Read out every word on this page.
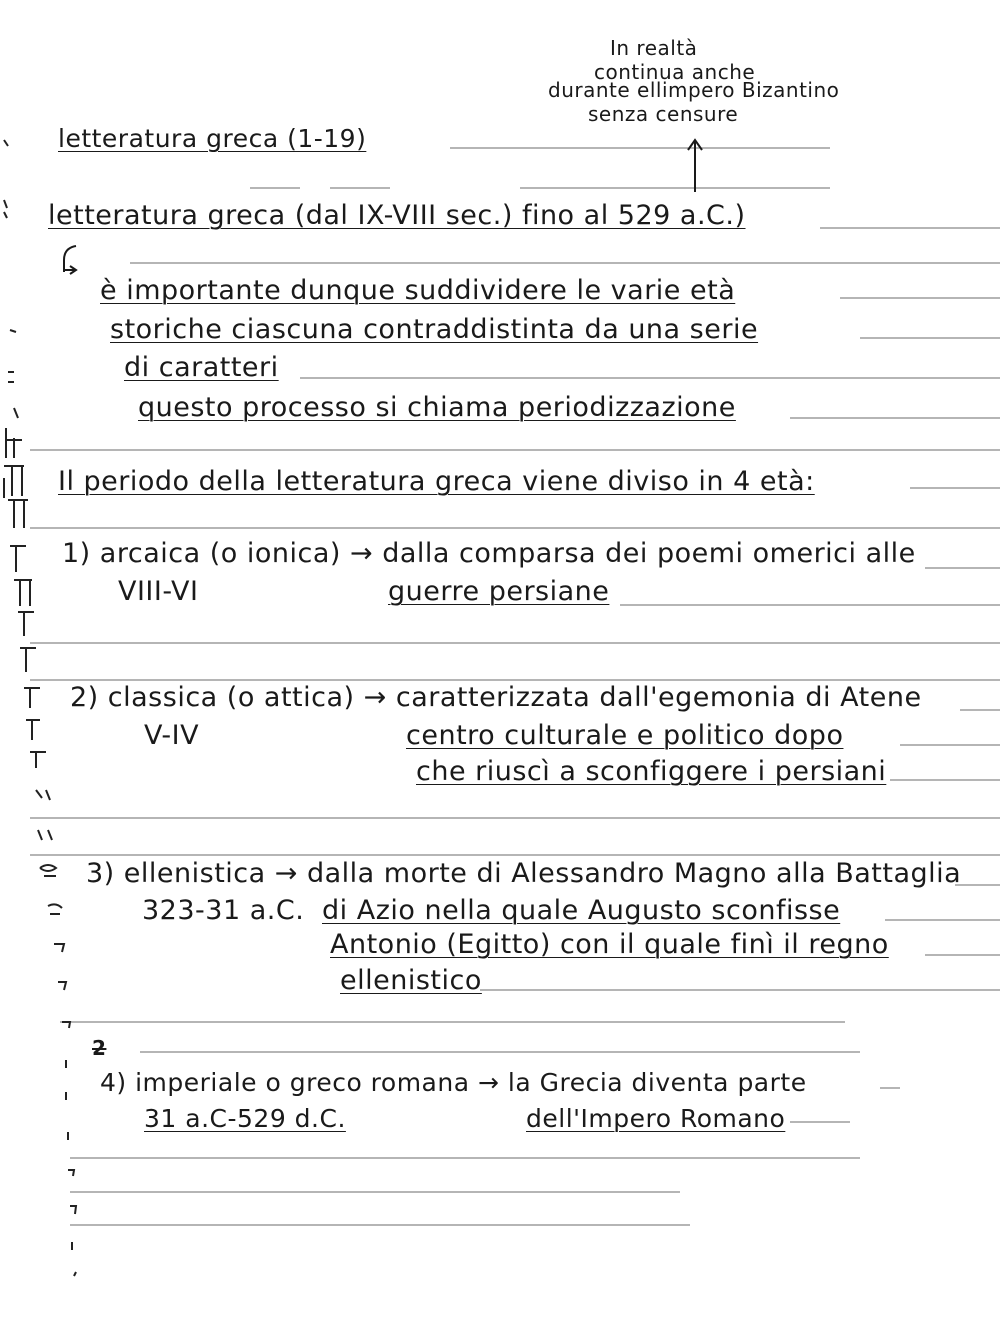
In realtà
continua anche
durante ellimpero Bizantino
senza censure
letteratura greca (1-19)
letteratura greca (dal IX-VIII sec.) fino al 529 a.C.)
è importante dunque suddividere le varie età
storiche ciascuna contraddistinta da una serie
di caratteri
questo processo si chiama periodizzazione
Il periodo della letteratura greca viene diviso in 4 età:
1) arcaica (o ionica) → dalla comparsa dei poemi omerici alle
VIII-VI	guerre persiane
2) classica (o attica) → caratterizzata dall'egemonia di Atene
V-IV	centro culturale e politico dopo
che riuscì a sconfiggere i persiani
3) ellenistica → dalla morte di Alessandro Magno alla Battaglia
323-31 a.C. di Azio nella quale Augusto sconfisse
Antonio (Egitto) con il quale finì il regno
ellenistico
2
4) imperiale o greco romana → la Grecia diventa parte
31 a.C-529 d.C.	dell'Impero Romano
